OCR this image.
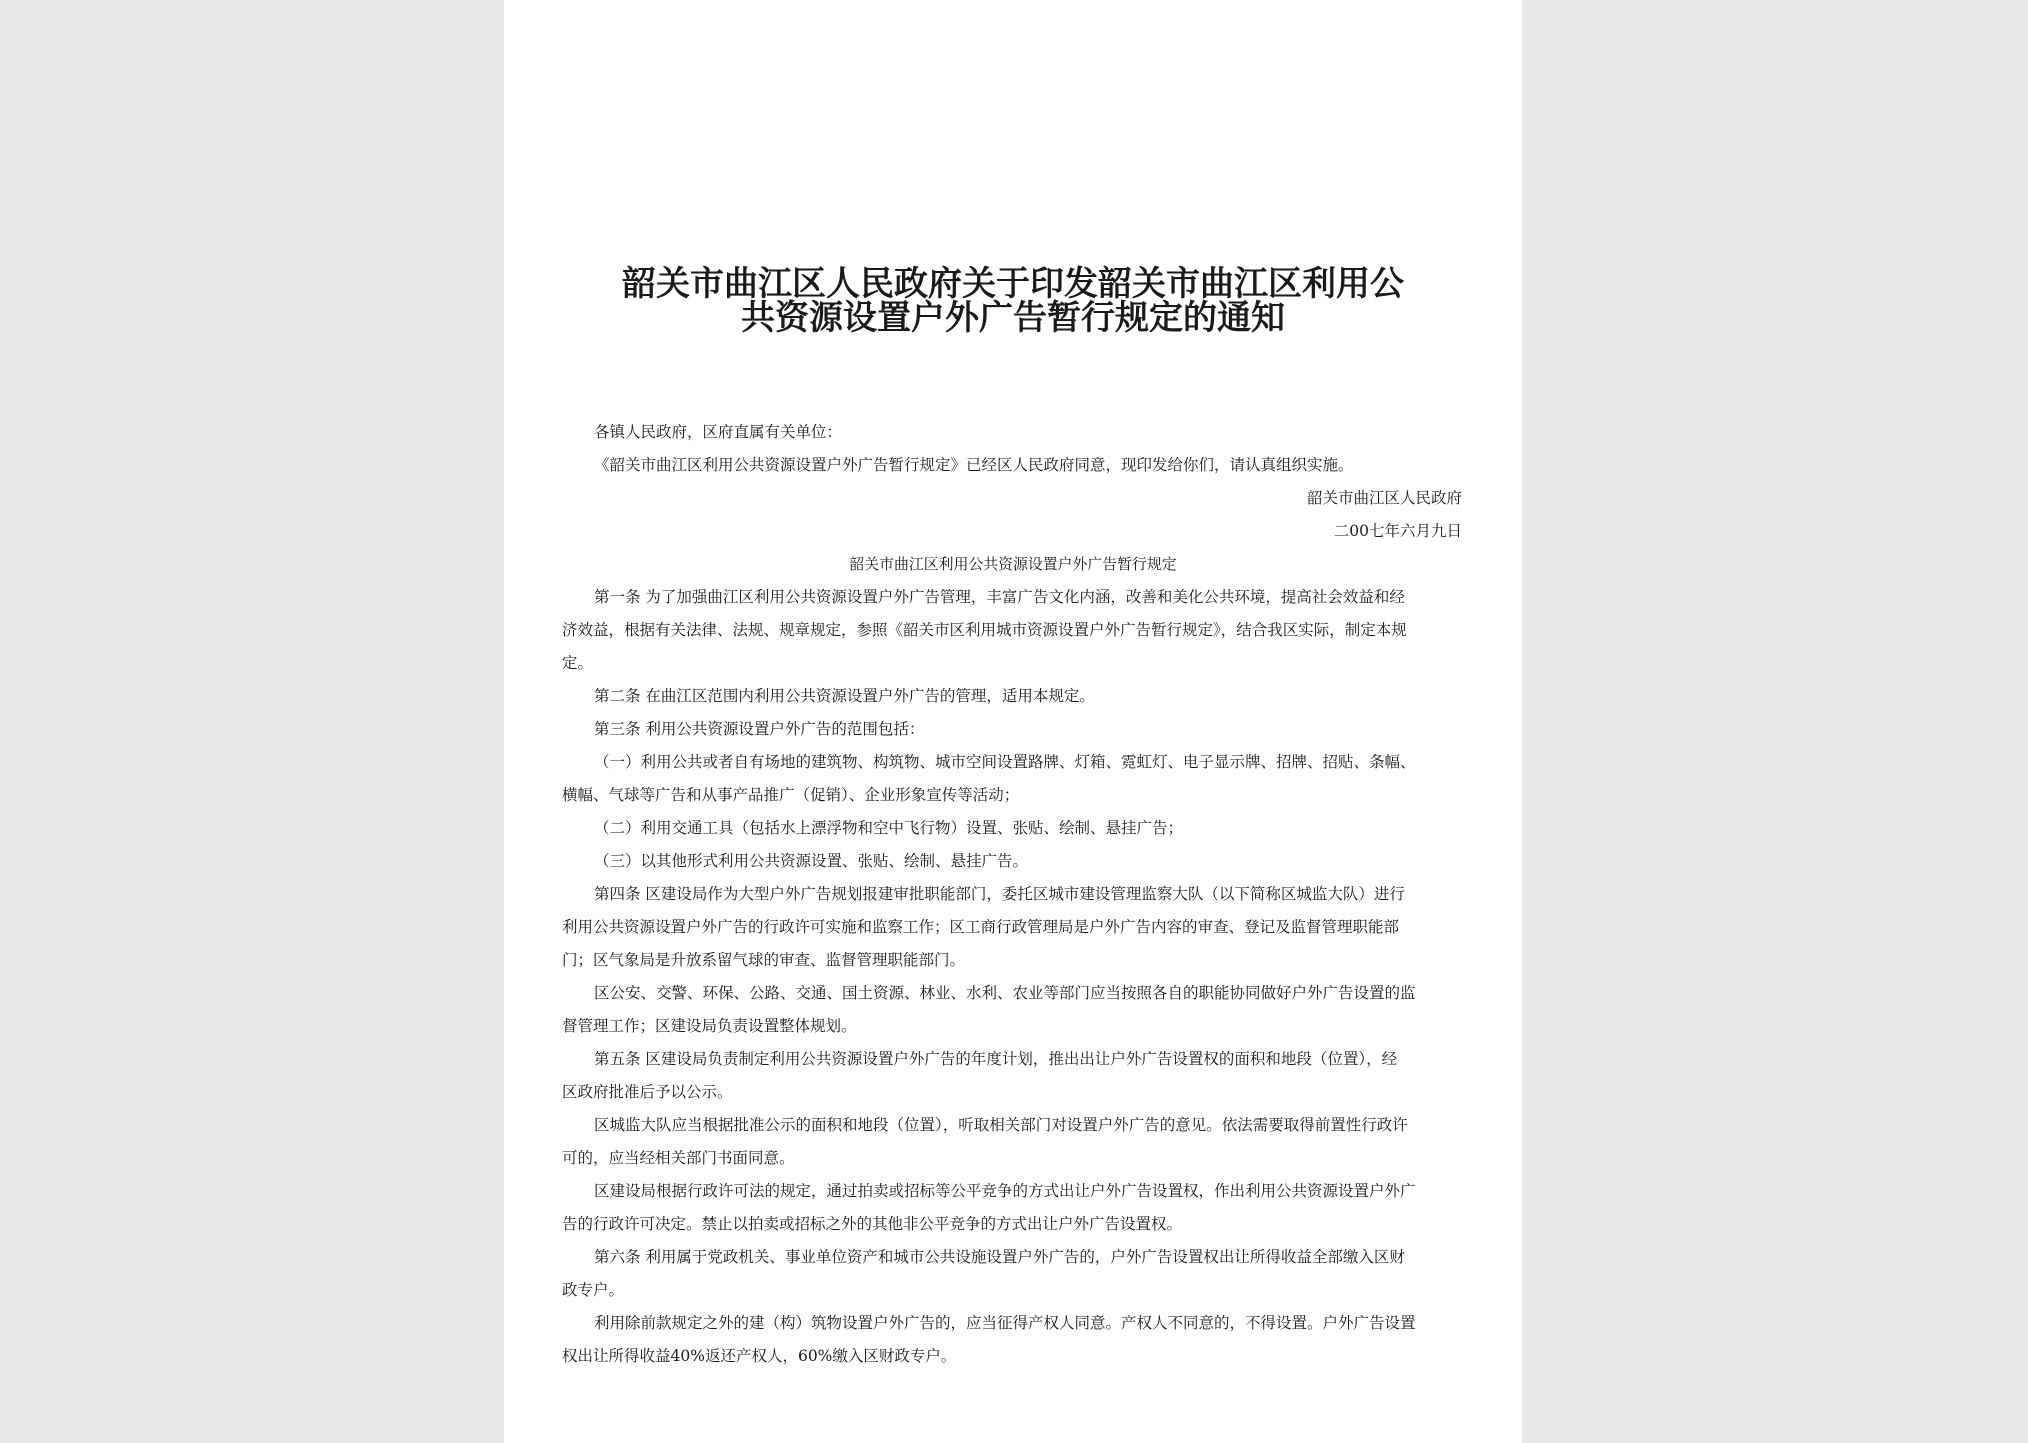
韶关市曲江区人民政府关于印发韶关市曲江区利用公
共资源设置户外广告暂行规定的通知

各镇人民政府，区府直属有关单位：

《韶关市曲江区利用公共资源设置户外广告暂行规定》已经区人民政府同意，现印发给你们，请认真组织实施。

韶关市曲江区人民政府

二00七年六月九日

韶关市曲江区利用公共资源设置户外广告暂行规定

第一条 为了加强曲江区利用公共资源设置户外广告管理，丰富广告文化内涵，改善和美化公共环境，提高社会效益和经

济效益，根据有关法律、法规、规章规定，参照《韶关市区利用城市资源设置户外广告暂行规定》，结合我区实际，制定本规

定。

第二条 在曲江区范围内利用公共资源设置户外广告的管理，适用本规定。

第三条 利用公共资源设置户外广告的范围包括：

（一）利用公共或者自有场地的建筑物、构筑物、城市空间设置路牌、灯箱、霓虹灯、电子显示牌、招牌、招贴、条幅、

横幅、气球等广告和从事产品推广（促销）、企业形象宣传等活动；

（二）利用交通工具（包括水上漂浮物和空中飞行物）设置、张贴、绘制、悬挂广告；

（三）以其他形式利用公共资源设置、张贴、绘制、悬挂广告。

第四条 区建设局作为大型户外广告规划报建审批职能部门，委托区城市建设管理监察大队（以下简称区城监大队）进行

利用公共资源设置户外广告的行政许可实施和监察工作；区工商行政管理局是户外广告内容的审查、登记及监督管理职能部

门；区气象局是升放系留气球的审查、监督管理职能部门。

区公安、交警、环保、公路、交通、国土资源、林业、水利、农业等部门应当按照各自的职能协同做好户外广告设置的监

督管理工作；区建设局负责设置整体规划。

第五条 区建设局负责制定利用公共资源设置户外广告的年度计划，推出出让户外广告设置权的面积和地段（位置），经

区政府批准后予以公示。

区城监大队应当根据批准公示的面积和地段（位置），听取相关部门对设置户外广告的意见。依法需要取得前置性行政许

可的，应当经相关部门书面同意。

区建设局根据行政许可法的规定，通过拍卖或招标等公平竞争的方式出让户外广告设置权，作出利用公共资源设置户外广

告的行政许可决定。禁止以拍卖或招标之外的其他非公平竞争的方式出让户外广告设置权。

第六条 利用属于党政机关、事业单位资产和城市公共设施设置户外广告的，户外广告设置权出让所得收益全部缴入区财

政专户。

利用除前款规定之外的建（构）筑物设置户外广告的，应当征得产权人同意。产权人不同意的，不得设置。户外广告设置

权出让所得收益40%返还产权人，60%缴入区财政专户。
